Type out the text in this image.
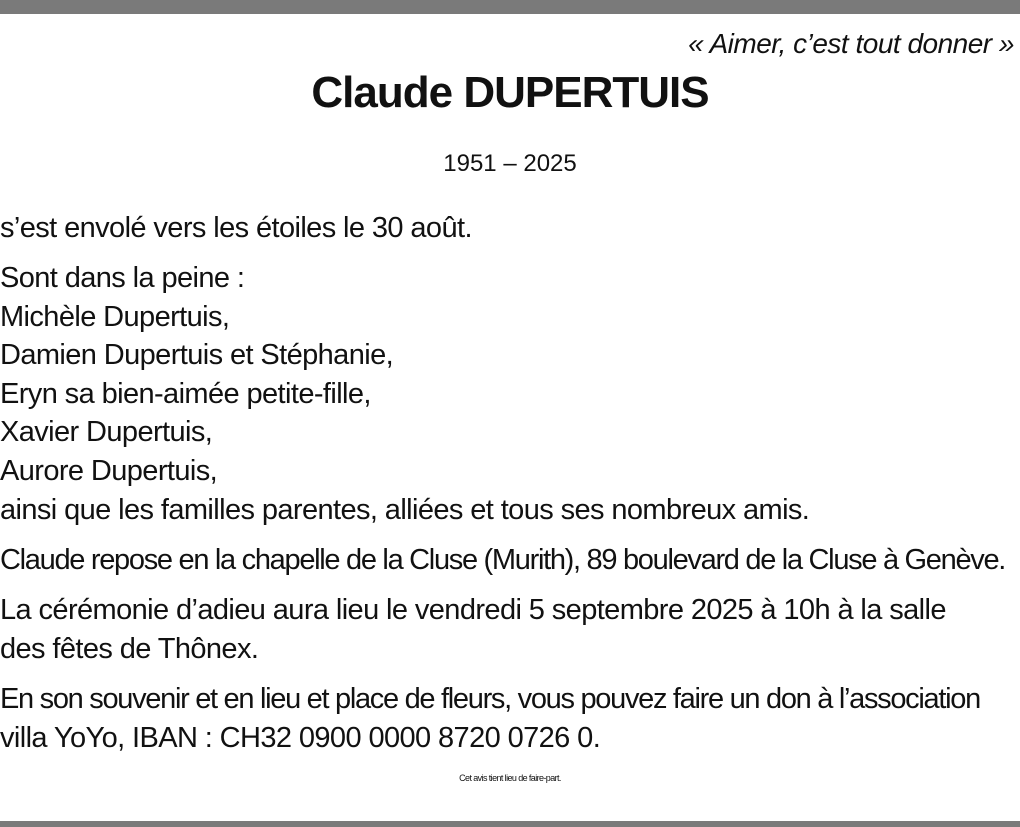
« Aimer, c’est tout donner »
Claude DUPERTUIS
1951 – 2025
s’est envolé vers les étoiles le 30 août.
Sont dans la peine :
Michèle Dupertuis,
Damien Dupertuis et Stéphanie,
Eryn sa bien-aimée petite-fille,
Xavier Dupertuis,
Aurore Dupertuis,
ainsi que les familles parentes, alliées et tous ses nombreux amis.
Claude repose en la chapelle de la Cluse (Murith), 89 boulevard de la Cluse à Genève.
La cérémonie d’adieu aura lieu le vendredi 5 septembre 2025 à 10h à la salle
des fêtes de Thônex.
En son souvenir et en lieu et place de fleurs, vous pouvez faire un don à l’association
villa YoYo, IBAN : CH32 0900 0000 8720 0726 0.
Cet avis tient lieu de faire-part.
